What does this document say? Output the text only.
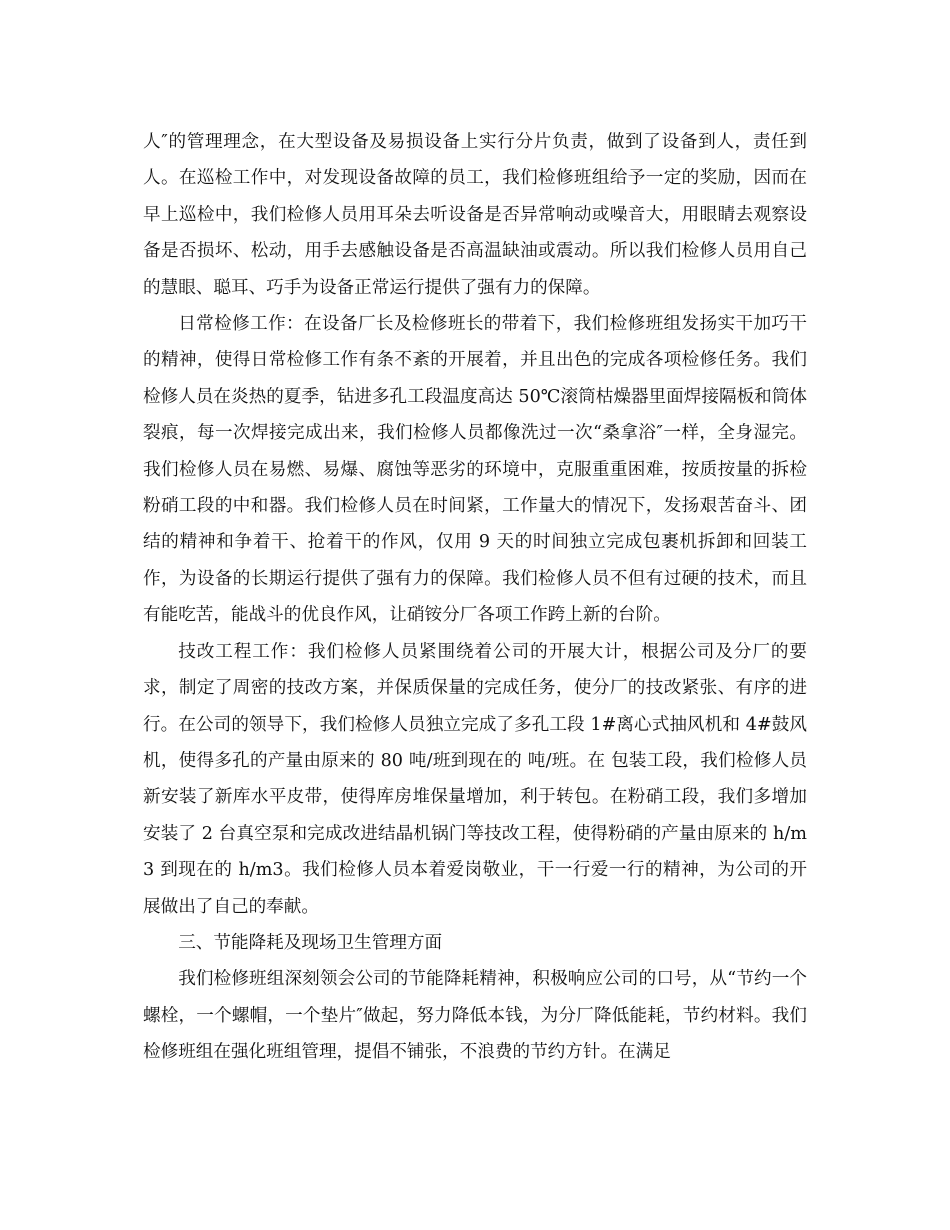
人″的管理理念，在大型设备及易损设备上实行分片负责，做到了设备到人，责任到人。在巡检工作中，对发现设备故障的员工，我们检修班组给予一定的奖励，因而在早上巡检中，我们检修人员用耳朵去听设备是否异常响动或噪音大，用眼睛去观察设备是否损坏、松动，用手去感触设备是否高温缺油或震动。所以我们检修人员用自己的慧眼、聪耳、巧手为设备正常运行提供了强有力的保障。

日常检修工作：在设备厂长及检修班长的带着下，我们检修班组发扬实干加巧干的精神，使得日常检修工作有条不紊的开展着，并且出色的完成各项检修任务。我们检修人员在炎热的夏季，钻进多孔工段温度高达 50℃滚筒枯燥器里面焊接隔板和筒体裂痕，每一次焊接完成出来，我们检修人员都像洗过一次“桑拿浴″一样，全身湿完。我们检修人员在易燃、易爆、腐蚀等恶劣的环境中，克服重重困难，按质按量的拆检粉硝工段的中和器。我们检修人员在时间紧，工作量大的情况下，发扬艰苦奋斗、团结的精神和争着干、抢着干的作风，仅用 9 天的时间独立完成包裹机拆卸和回装工作，为设备的长期运行提供了强有力的保障。我们检修人员不但有过硬的技术，而且有能吃苦，能战斗的优良作风，让硝铵分厂各项工作跨上新的台阶。

技改工程工作：我们检修人员紧围绕着公司的开展大计，根据公司及分厂的要求，制定了周密的技改方案，并保质保量的完成任务，使分厂的技改紧张、有序的进行。在公司的领导下，我们检修人员独立完成了多孔工段 1#离心式抽风机和 4#鼓风机，使得多孔的产量由原来的 80 吨/班到现在的 吨/班。在 包装工段，我们检修人员新安装了新库水平皮带，使得库房堆保量增加，利于转包。在粉硝工段，我们多增加安装了 2 台真空泵和完成改进结晶机锅门等技改工程，使得粉硝的产量由原来的 h/m3 到现在的 h/m3。我们检修人员本着爱岗敬业，干一行爱一行的精神，为公司的开展做出了自己的奉献。

三、节能降耗及现场卫生管理方面

我们检修班组深刻领会公司的节能降耗精神，积极响应公司的口号，从“节约一个螺栓，一个螺帽，一个垫片″做起，努力降低本钱，为分厂降低能耗，节约材料。我们检修班组在强化班组管理，提倡不铺张，不浪费的节约方针。在满足
